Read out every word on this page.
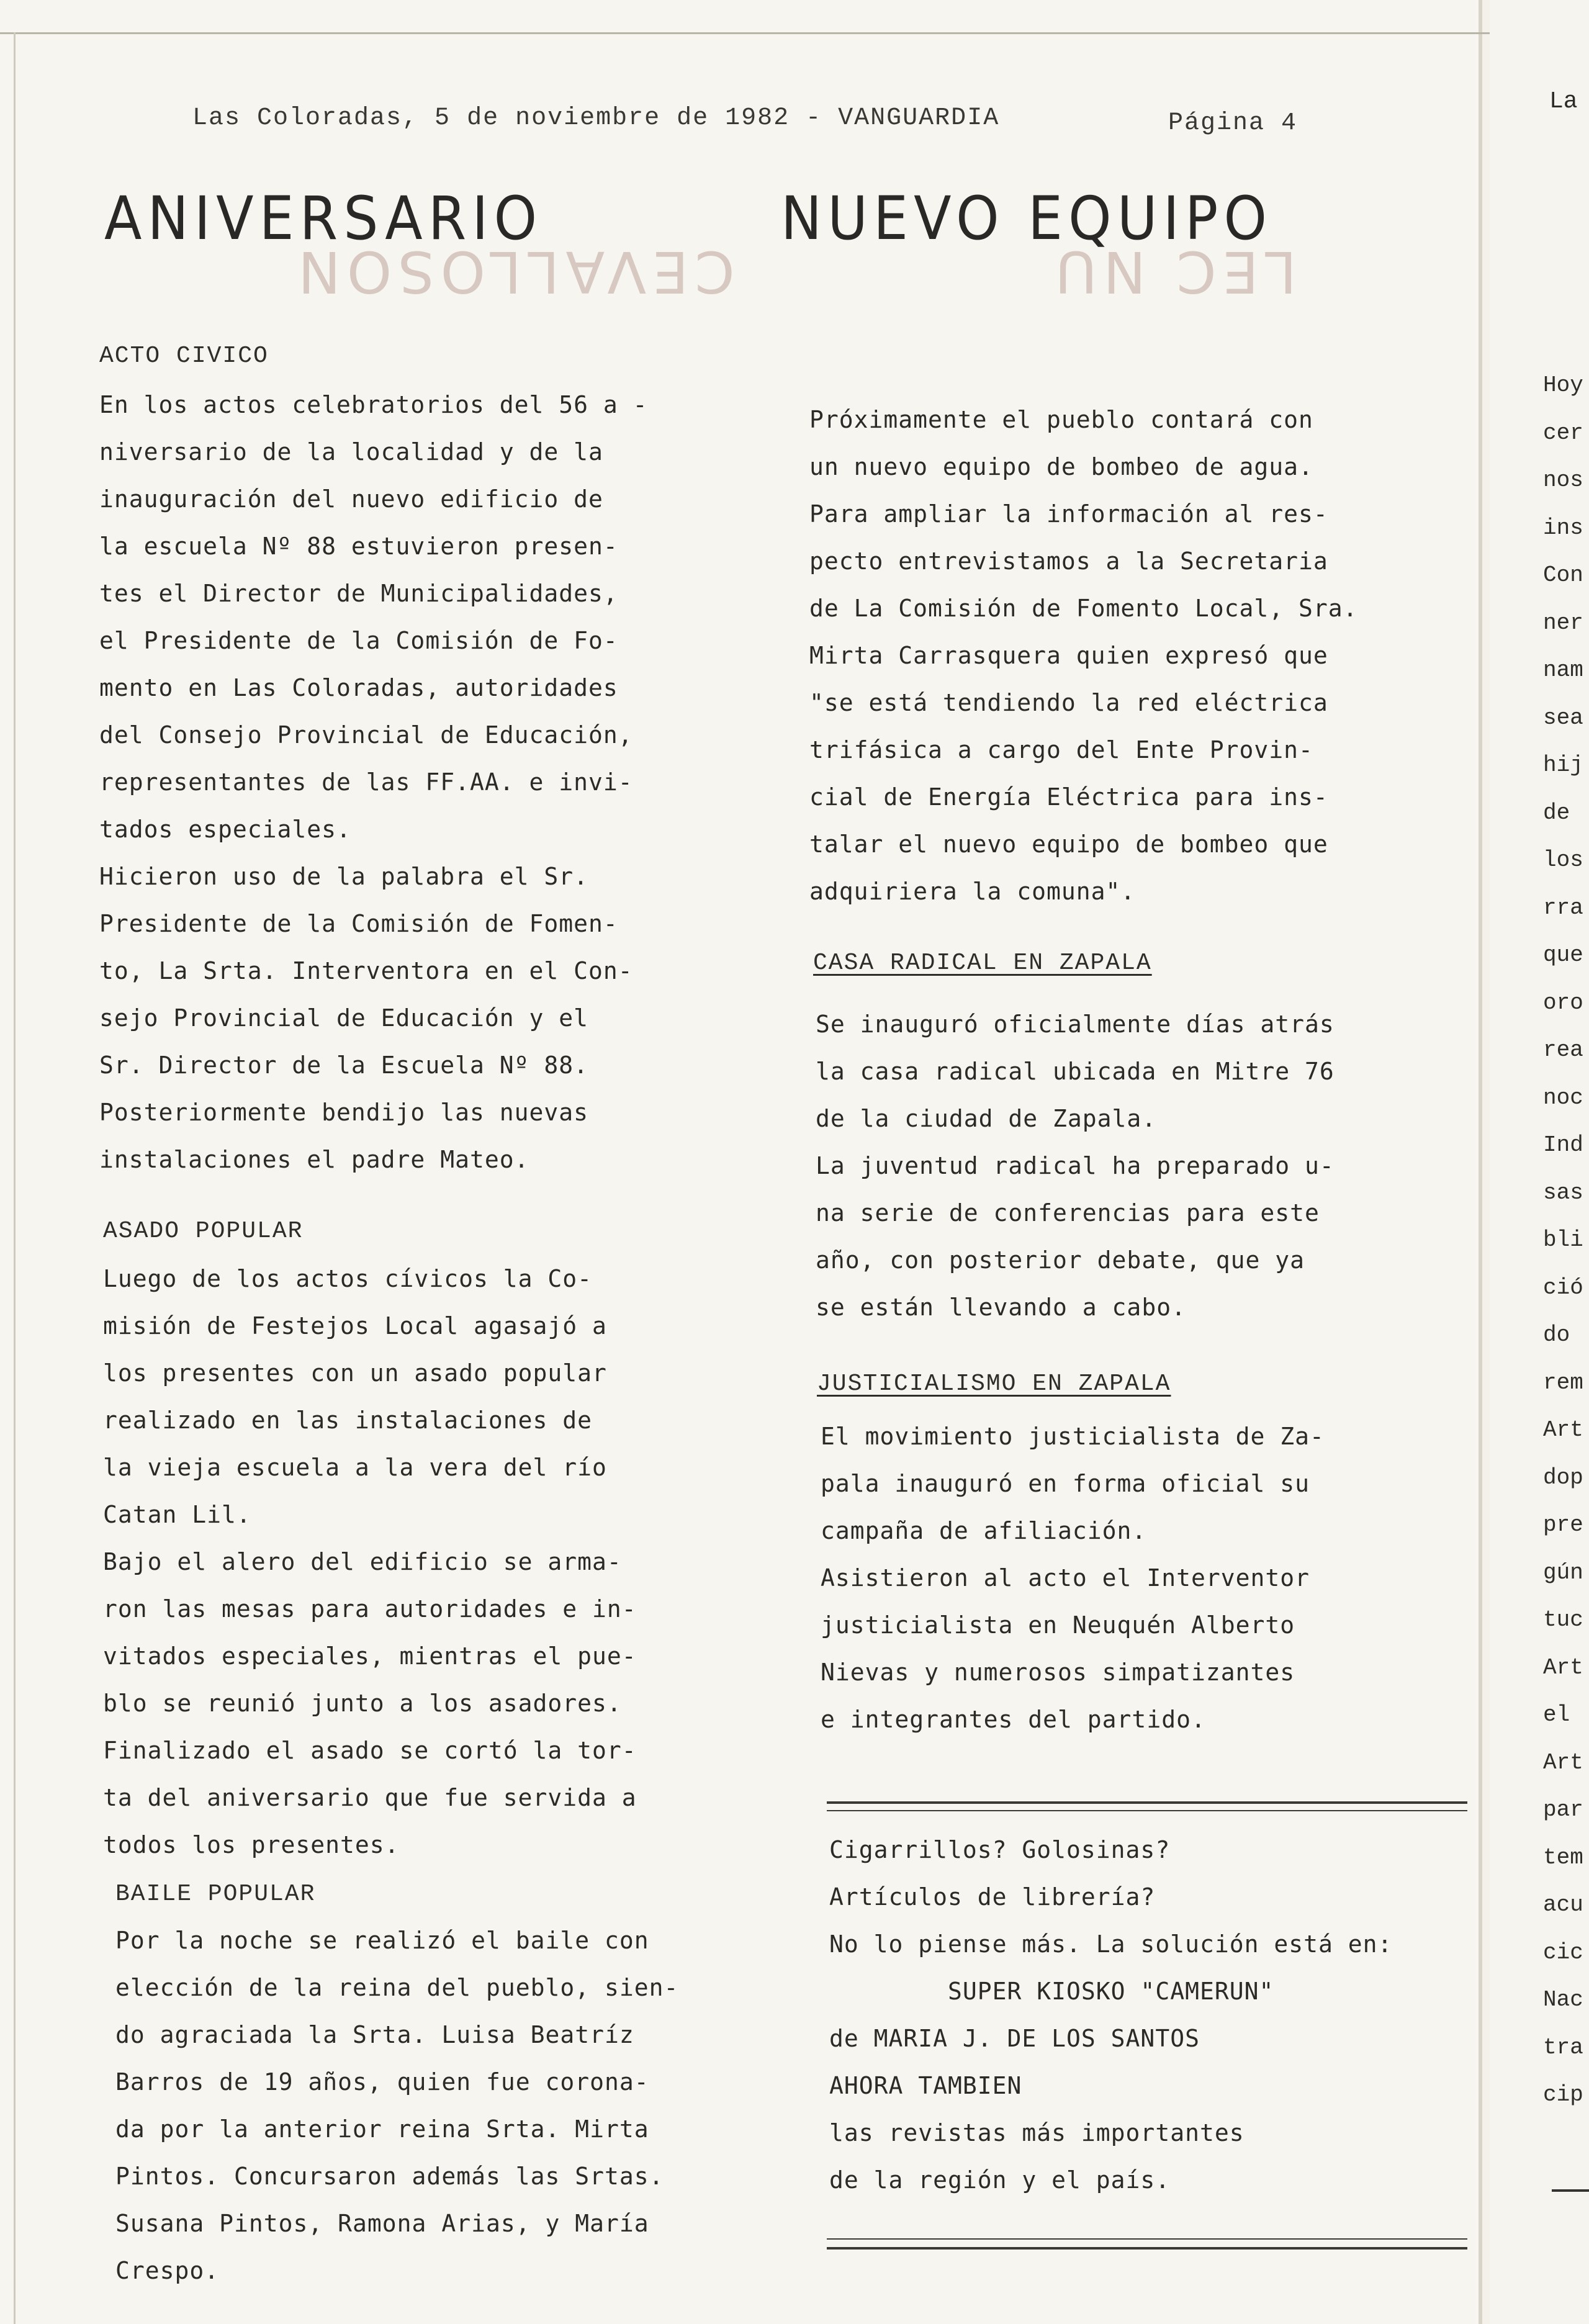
Las Coloradas, 5 de noviembre de 1982 - VANGUARDIA	Página 4
ANIVERSARIO
CEVALLOSON
NUEVO EQUIPO
LEC NU
ACTO CIVICO
En los actos celebratorios del 56 a -
niversario de la localidad y de la
inauguración del nuevo edificio de
la escuela Nº 88 estuvieron presen-
tes el Director de Municipalidades,
el Presidente de la Comisión de Fo-
mento en Las Coloradas, autoridades
del Consejo Provincial de Educación,
representantes de las FF.AA. e invi-
tados especiales.
Hicieron uso de la palabra el Sr.
Presidente de la Comisión de Fomen-
to, La Srta. Interventora en el Con-
sejo Provincial de Educación y el
Sr. Director de la Escuela Nº 88.
Posteriormente bendijo las nuevas
instalaciones el padre Mateo.
ASADO POPULAR
Luego de los actos cívicos la Co-
misión de Festejos Local agasajó a
los presentes con un asado popular
realizado en las instalaciones de
la vieja escuela a la vera del río
Catan Lil.
Bajo el alero del edificio se arma-
ron las mesas para autoridades e in-
vitados especiales, mientras el pue-
blo se reunió junto a los asadores.
Finalizado el asado se cortó la tor-
ta del aniversario que fue servida a
todos los presentes.
BAILE POPULAR
Por la noche se realizó el baile con
elección de la reina del pueblo, sien-
do agraciada la Srta. Luisa Beatríz
Barros de 19 años, quien fue corona-
da por la anterior reina Srta. Mirta
Pintos. Concursaron además las Srtas.
Susana Pintos, Ramona Arias, y María
Crespo.
Próximamente el pueblo contará con
un nuevo equipo de bombeo de agua.
Para ampliar la información al res-
pecto entrevistamos a la Secretaria
de La Comisión de Fomento Local, Sra.
Mirta Carrasquera quien expresó que
"se está tendiendo la red eléctrica
trifásica a cargo del Ente Provin-
cial de Energía Eléctrica para ins-
talar el nuevo equipo de bombeo que
adquiriera la comuna".
CASA RADICAL EN ZAPALA
Se inauguró oficialmente días atrás
la casa radical ubicada en Mitre 76
de la ciudad de Zapala.
La juventud radical ha preparado u-
na serie de conferencias para este
año, con posterior debate, que ya
se están llevando a cabo.
JUSTICIALISMO EN ZAPALA
El movimiento justicialista de Za-
pala inauguró en forma oficial su
campaña de afiliación.
Asistieron al acto el Interventor
justicialista en Neuquén Alberto
Nievas y numerosos simpatizantes
e integrantes del partido.
Cigarrillos? Golosinas?
Artículos de librería?
No lo piense más. La solución está en:
SUPER KIOSKO "CAMERUN"
de MARIA J. DE LOS SANTOS
AHORA TAMBIEN
las revistas más importantes
de la región y el país.
La
Hoy
cer
nos
ins
Con
ner
nam
sea
hij
de
los
rra
que
oro
rea
noc
Ind
sas
bli
ció
do
rem
Art
dop
pre
gún
tuc
Art
el
Art
par
tem
acu
cic
Nac
tra
cip
